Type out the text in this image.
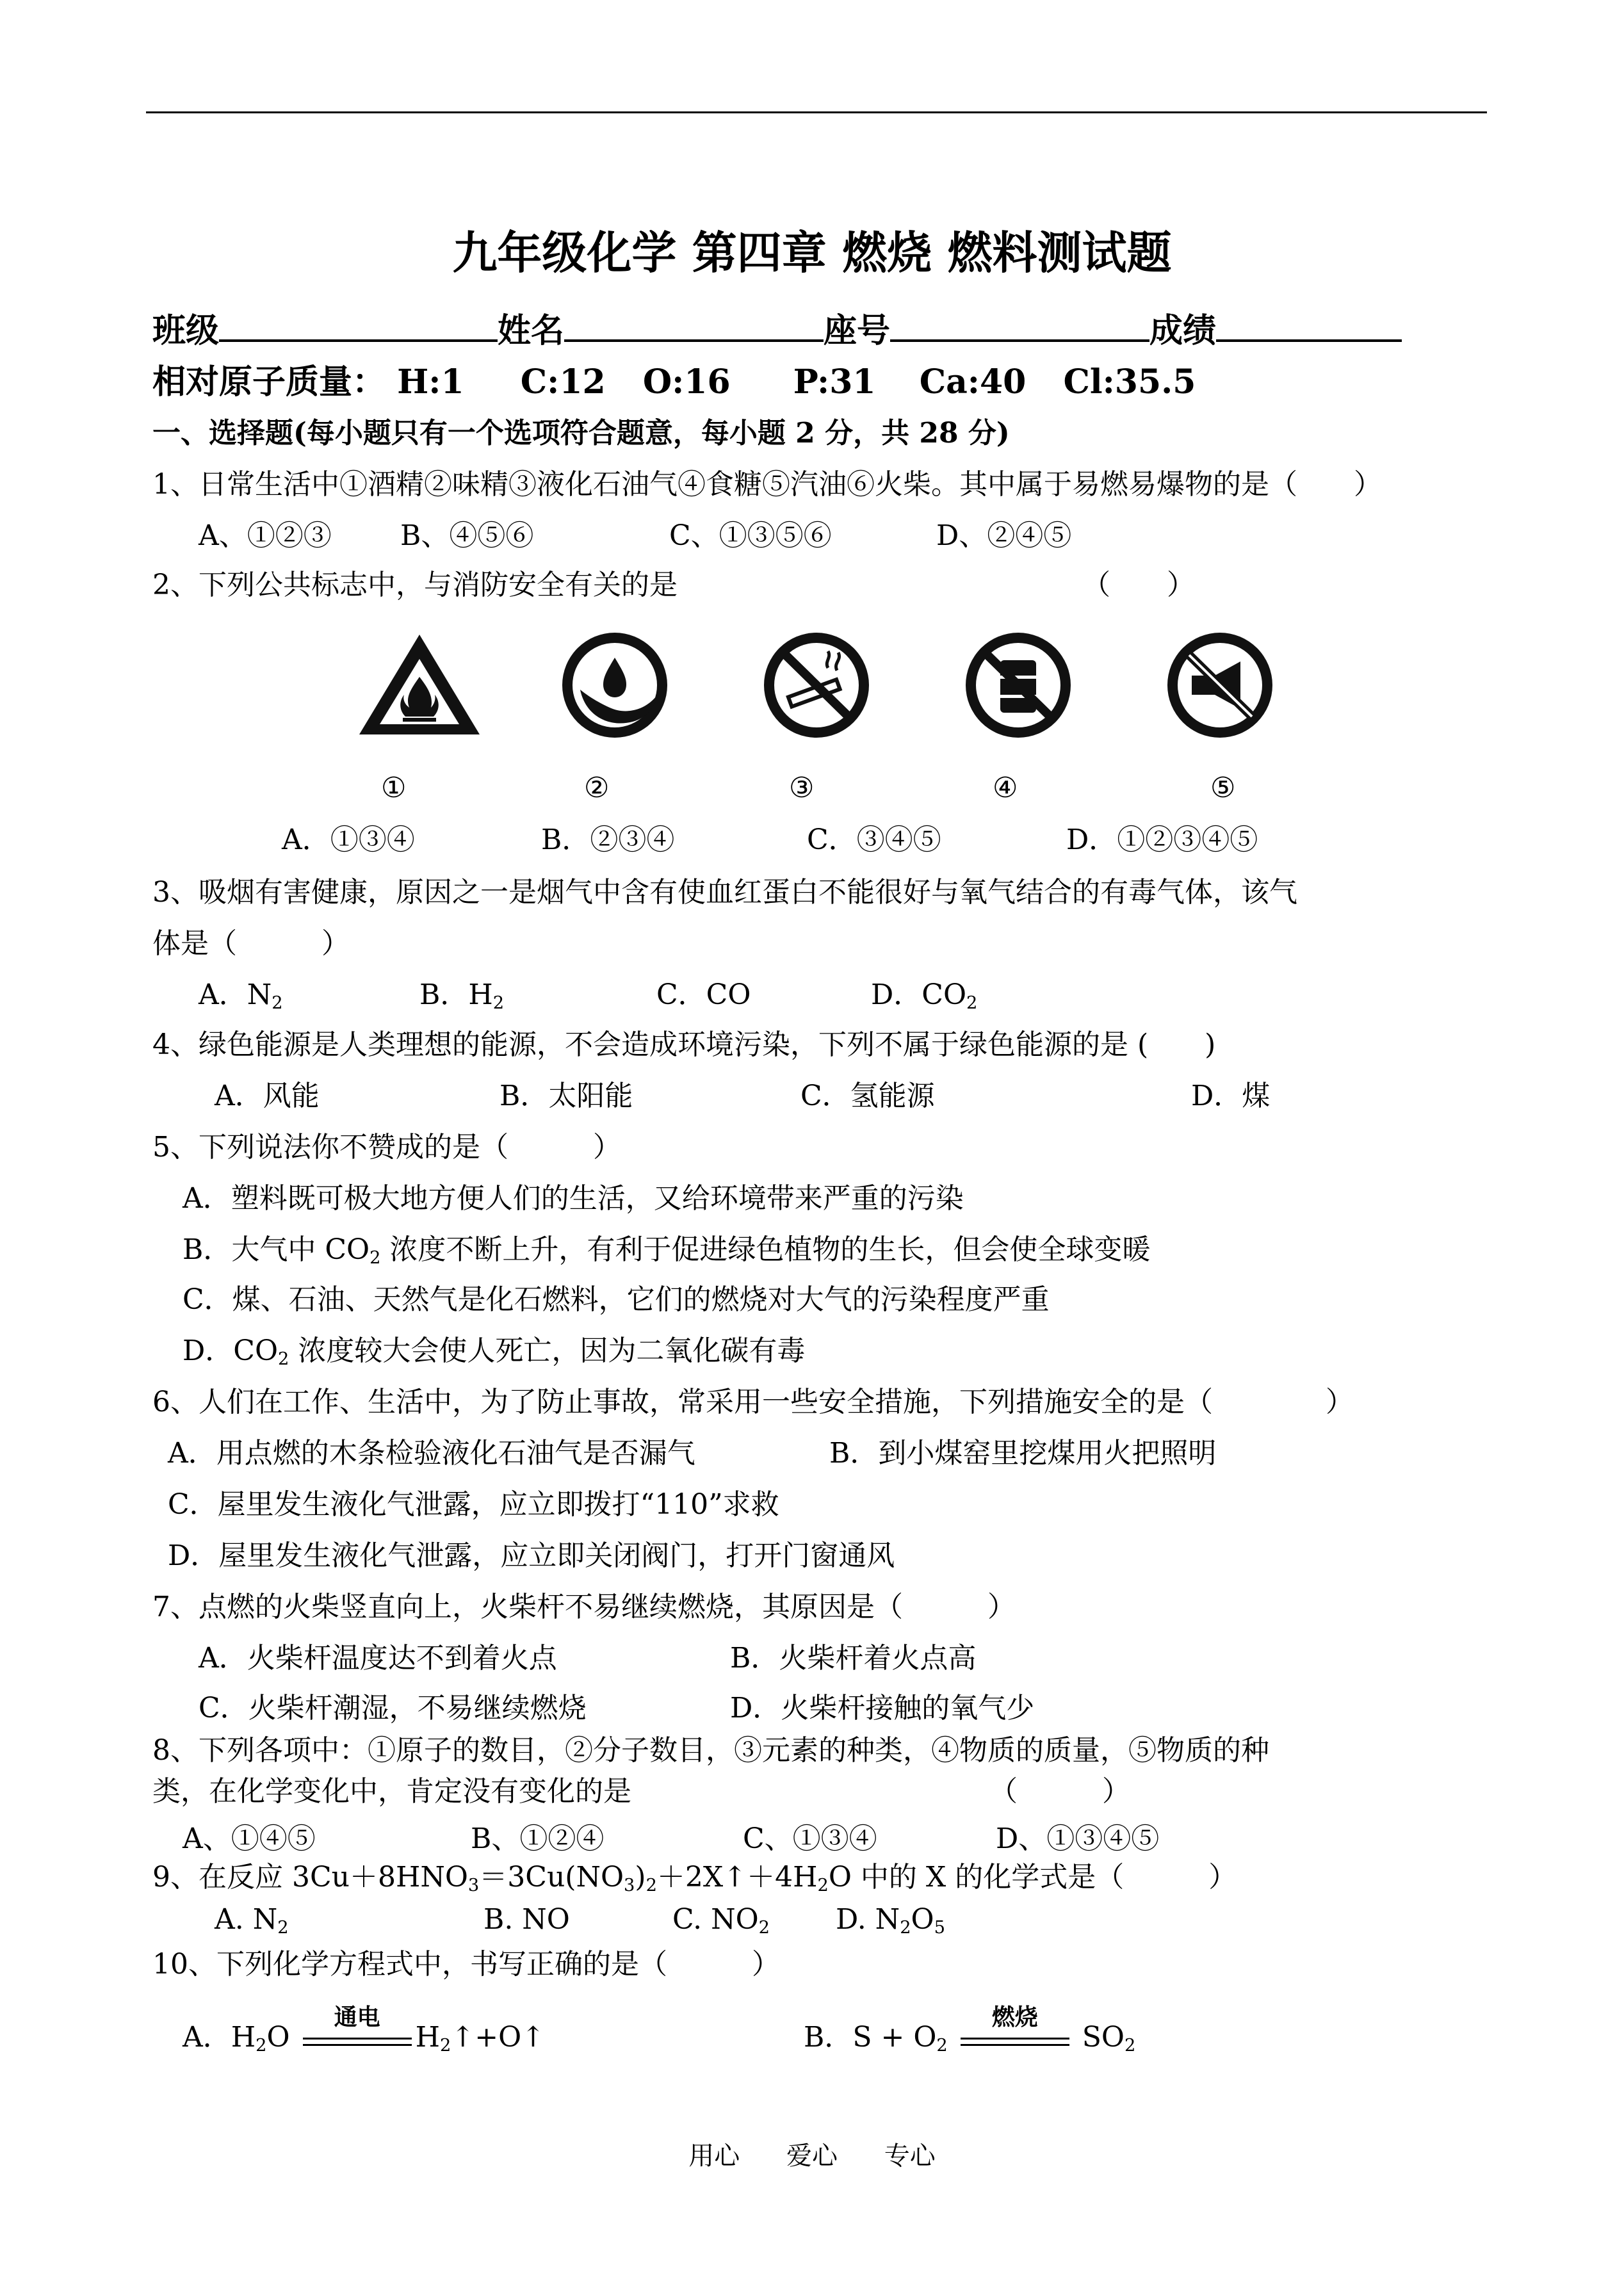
九年级化学 第四章 燃烧 燃料测试题
班级	姓名	座号	成绩
相对原子质量： H:1 C:12 O:16 P:31 Ca:40 Cl:35.5
一、选择题(每小题只有一个选项符合题意，每小题 2 分，共 28 分)
1、日常生活中①酒精②味精③液化石油气④食糖⑤汽油⑥火柴。其中属于易燃易爆物的是（　　）
A、①②③ B、④⑤⑥	C、①③⑤⑥	D、②④⑤
2、下列公共标志中，与消防安全有关的是	（　　）
①	②	③	④	⑤
A．①③④	B．②③④	C．③④⑤	D．①②③④⑤
3、吸烟有害健康，原因之一是烟气中含有使血红蛋白不能很好与氧气结合的有毒气体，该气
体是（　　　）
A．$N_2$	B．$H_2$	C．CO	D．$CO_2$
4、绿色能源是人类理想的能源，不会造成环境污染，下列不属于绿色能源的是 (　　)
A．风能	B．太阳能	C．氢能源	D．煤
5、下列说法你不赞成的是（　　　）
A．塑料既可极大地方便人们的生活，又给环境带来严重的污染
B．大气中 $CO_2$ 浓度不断上升，有利于促进绿色植物的生长，但会使全球变暖
C．煤、石油、天然气是化石燃料，它们的燃烧对大气的污染程度严重
D．$CO_2$ 浓度较大会使人死亡，因为二氧化碳有毒
6、人们在工作、生活中，为了防止事故，常采用一些安全措施，下列措施安全的是（　　　　）
A．用点燃的木条检验液化石油气是否漏气	B．到小煤窑里挖煤用火把照明
C．屋里发生液化气泄露，应立即拨打“110”求救
D．屋里发生液化气泄露，应立即关闭阀门，打开门窗通风
7、点燃的火柴竖直向上，火柴杆不易继续燃烧，其原因是（　　　）
A．火柴杆温度达不到着火点	B．火柴杆着火点高
C．火柴杆潮湿，不易继续燃烧	D．火柴杆接触的氧气少
8、下列各项中：①原子的数目，②分子数目，③元素的种类，④物质的质量，⑤物质的种
类，在化学变化中，肯定没有变化的是	（　　　）
A、①④⑤	B、①②④	C、①③④	D、①③④⑤
9、在反应 $3Cu+8HNO_3=3Cu(NO_3)_2+2X↑+4H_2O$ 中的 X 的化学式是（　　　）
A. $N_2$	B. NO	C. $NO_2$ D. $N_2O_5$
10、下列化学方程式中，书写正确的是（　　　）
A．$H_2O$
通电
$H_2↑+O↑$	B．$S + O_2$
燃烧
$SO_2$
用心 爱心 专心
